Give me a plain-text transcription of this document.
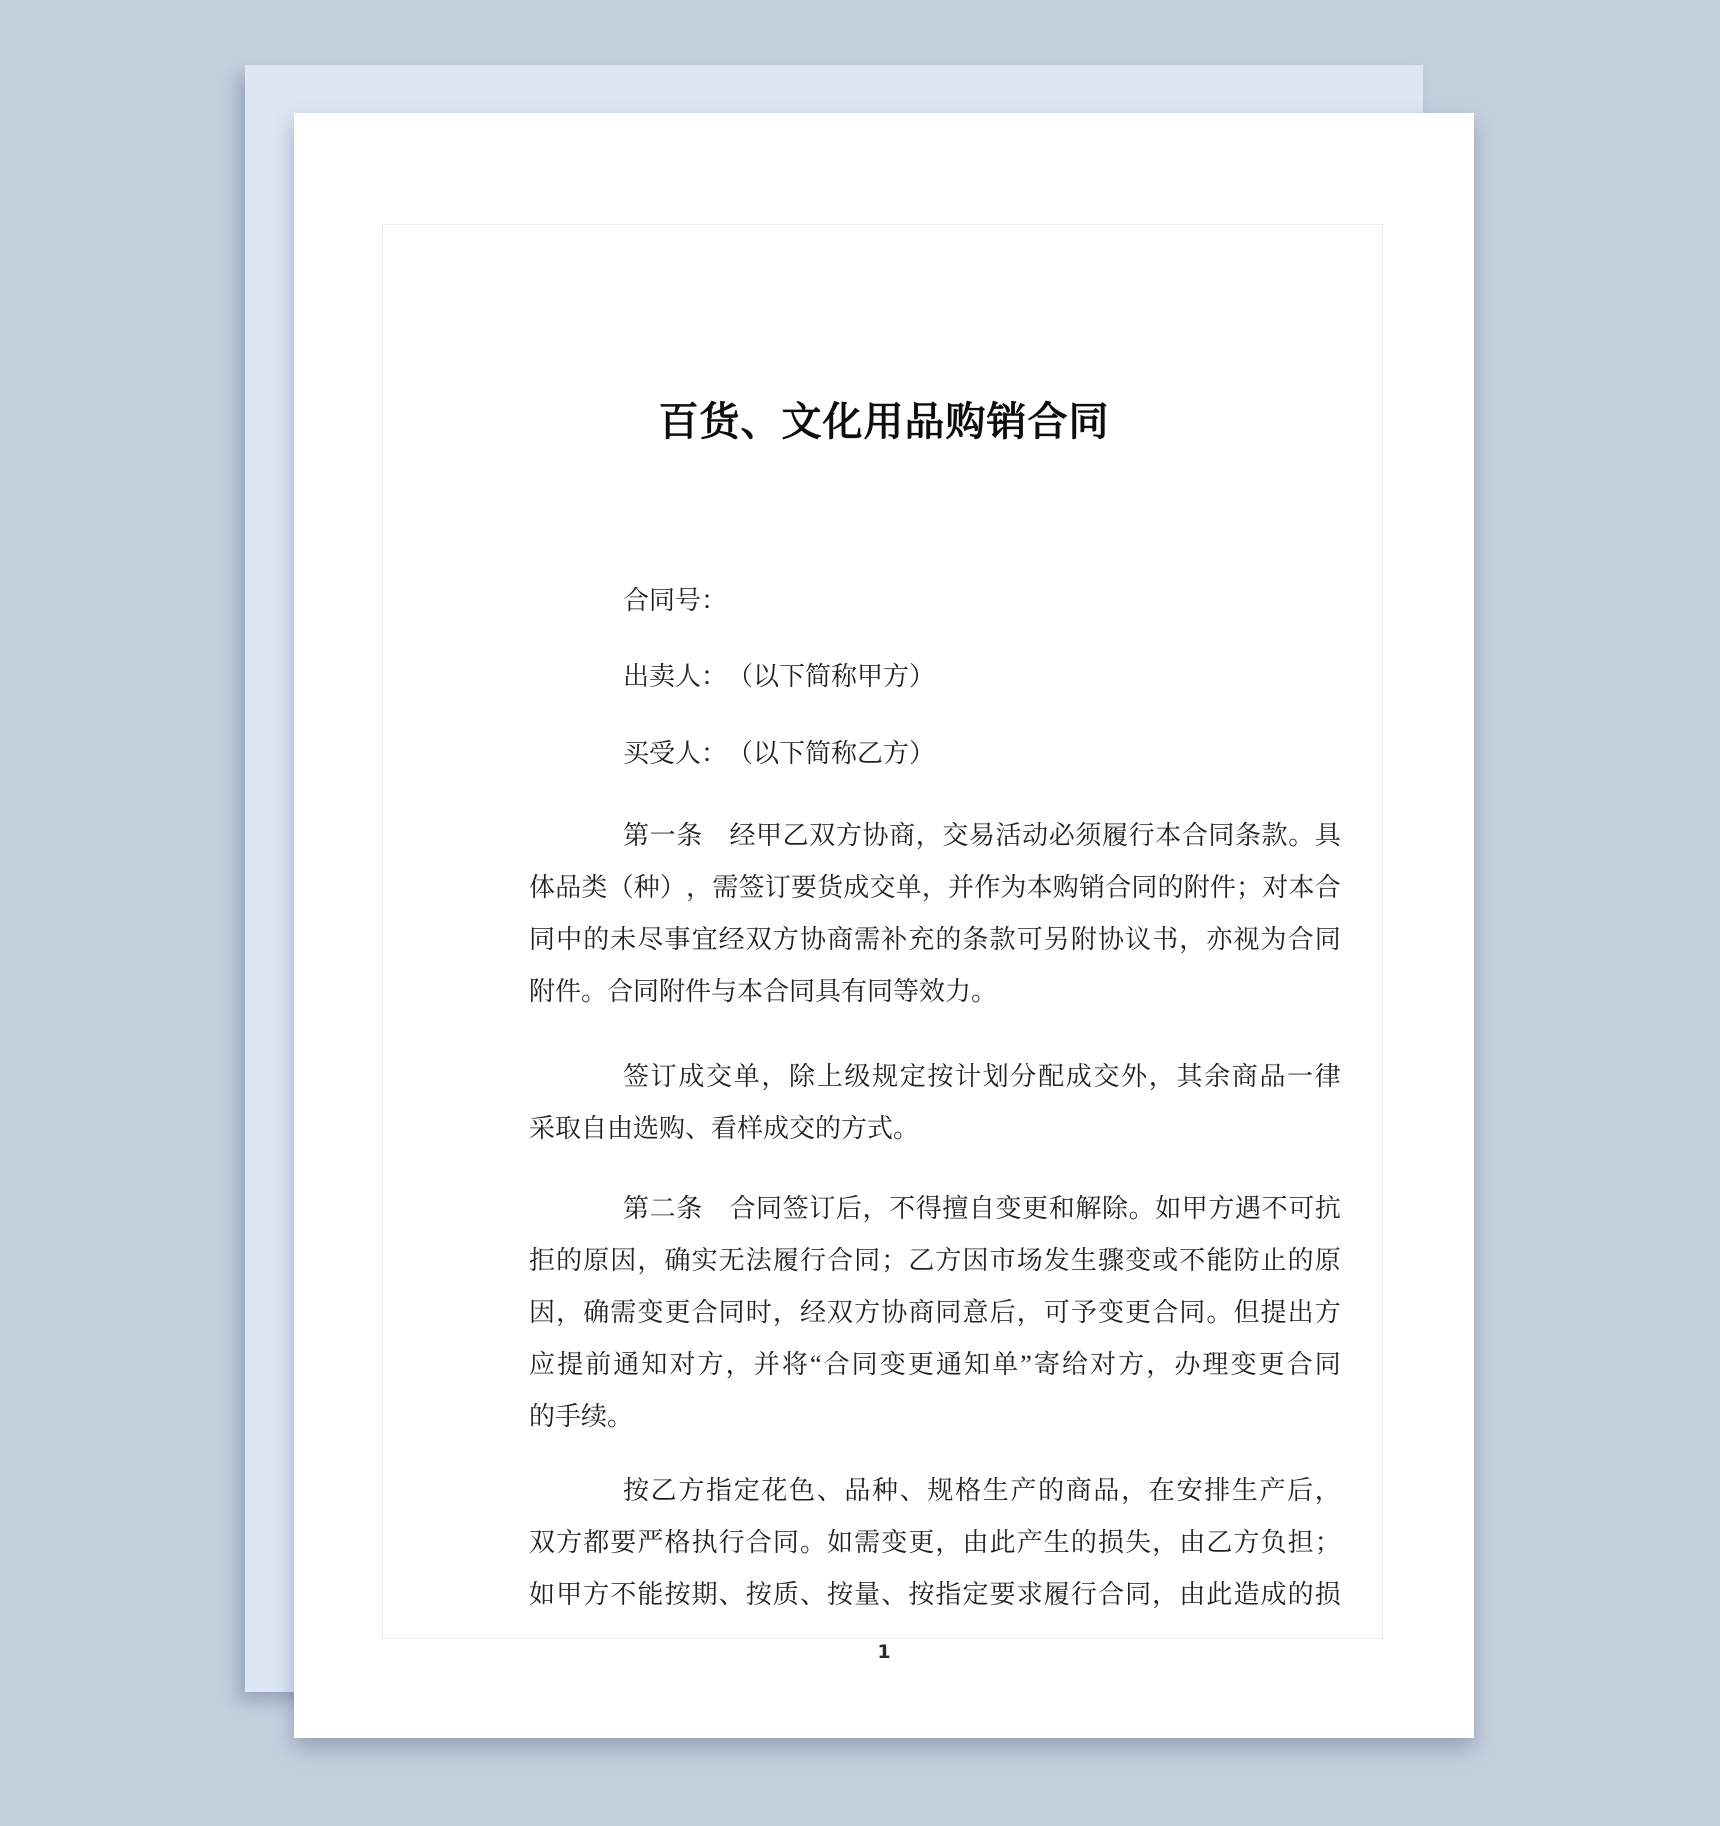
百货、文化用品购销合同
合同号：
出卖人：　（以下简称甲方）
买受人：　（以下简称乙方）
第 一 条
　 经 甲 乙 双 方 协 商 ， 交 易 活 动 必 须 履 行 本 合 同 条 款 。 具
体 品 类 （ 种 ） ， 需 签 订 要 货 成 交 单 ， 并 作 为 本 购 销 合 同 的 附 件 ； 对 本 合
同 中 的 未 尽 事 宜 经 双 方 协 商 需 补 充 的 条 款 可 另 附 协 议 书 ， 亦 视 为 合 同
附件。合同附件与本合同具有同等效力。
签 订 成 交 单 ， 除 上 级 规 定 按 计 划 分 配 成 交 外 ， 其 余 商 品 一 律
采取自由选购、看样成交的方式。
第 二 条
　 合 同 签 订 后 ， 不 得 擅 自 变 更 和 解 除 。 如 甲 方 遇 不 可 抗
拒 的 原 因 ， 确 实 无 法 履 行 合 同 ； 乙 方 因 市 场 发 生 骤 变 或 不 能 防 止 的 原
因 ， 确 需 变 更 合 同 时 ， 经 双 方 协 商 同 意 后 ， 可 予 变 更 合 同 。 但 提 出 方
应 提 前 通 知 对 方 ， 并 将 “ 合 同 变 更 通 知 单 ” 寄 给 对 方 ， 办 理 变 更 合 同
的手续。
按 乙 方 指 定 花 色 、 品 种 、 规 格 生 产 的 商 品 ， 在 安 排 生 产 后 ，
双 方 都 要 严 格 执 行 合 同 。 如 需 变 更 ， 由 此 产 生 的 损 失 ， 由 乙 方 负 担 ；
如 甲 方 不 能 按 期 、 按 质 、 按 量 、 按 指 定 要 求 履 行 合 同 ， 由 此 造 成 的 损
1
